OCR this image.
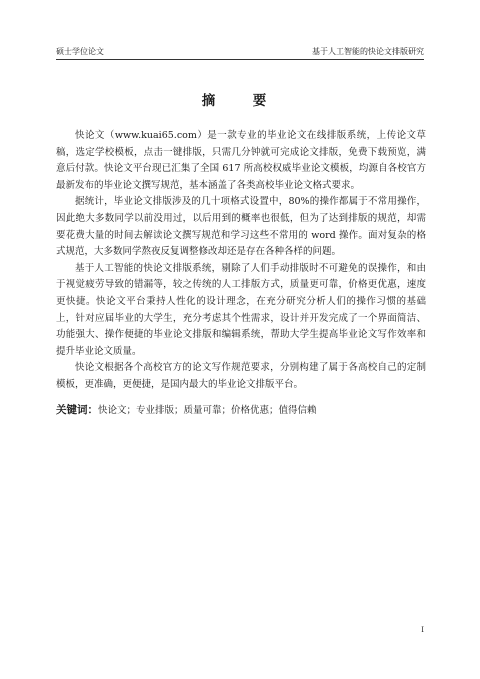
硕士学位论文	基于人工智能的快论文排版研究
摘　要

快论文（www.kuai65.com）是一款专业的毕业论文在线排版系统，上传论文草稿，选定学校模板，点击一键排版，只需几分钟就可完成论文排版，免费下载预览，满意后付款。快论文平台现已汇集了全国 617 所高校权威毕业论文模板，均源自各校官方最新发布的毕业论文撰写规范，基本涵盖了各类高校毕业论文格式要求。

据统计，毕业论文排版涉及的几十项格式设置中，80%的操作都属于不常用操作，因此绝大多数同学以前没用过，以后用到的概率也很低，但为了达到排版的规范，却需要花费大量的时间去解读论文撰写规范和学习这些不常用的 word 操作。面对复杂的格式规范，大多数同学熬夜反复调整修改却还是存在各种各样的问题。

基于人工智能的快论文排版系统，剔除了人们手动排版时不可避免的误操作，和由于视觉疲劳导致的错漏等，较之传统的人工排版方式，质量更可靠，价格更优惠，速度更快捷。快论文平台秉持人性化的设计理念，在充分研究分析人们的操作习惯的基础上，针对应届毕业的大学生，充分考虑其个性需求，设计并开发完成了一个界面简洁、功能强大、操作便捷的毕业论文排版和编辑系统，帮助大学生提高毕业论文写作效率和提升毕业论文质量。

快论文根据各个高校官方的论文写作规范要求，分别构建了属于各高校自己的定制模板，更准确，更便捷，是国内最大的毕业论文排版平台。

关键词：快论文；专业排版；质量可靠；价格优惠；值得信赖
I
